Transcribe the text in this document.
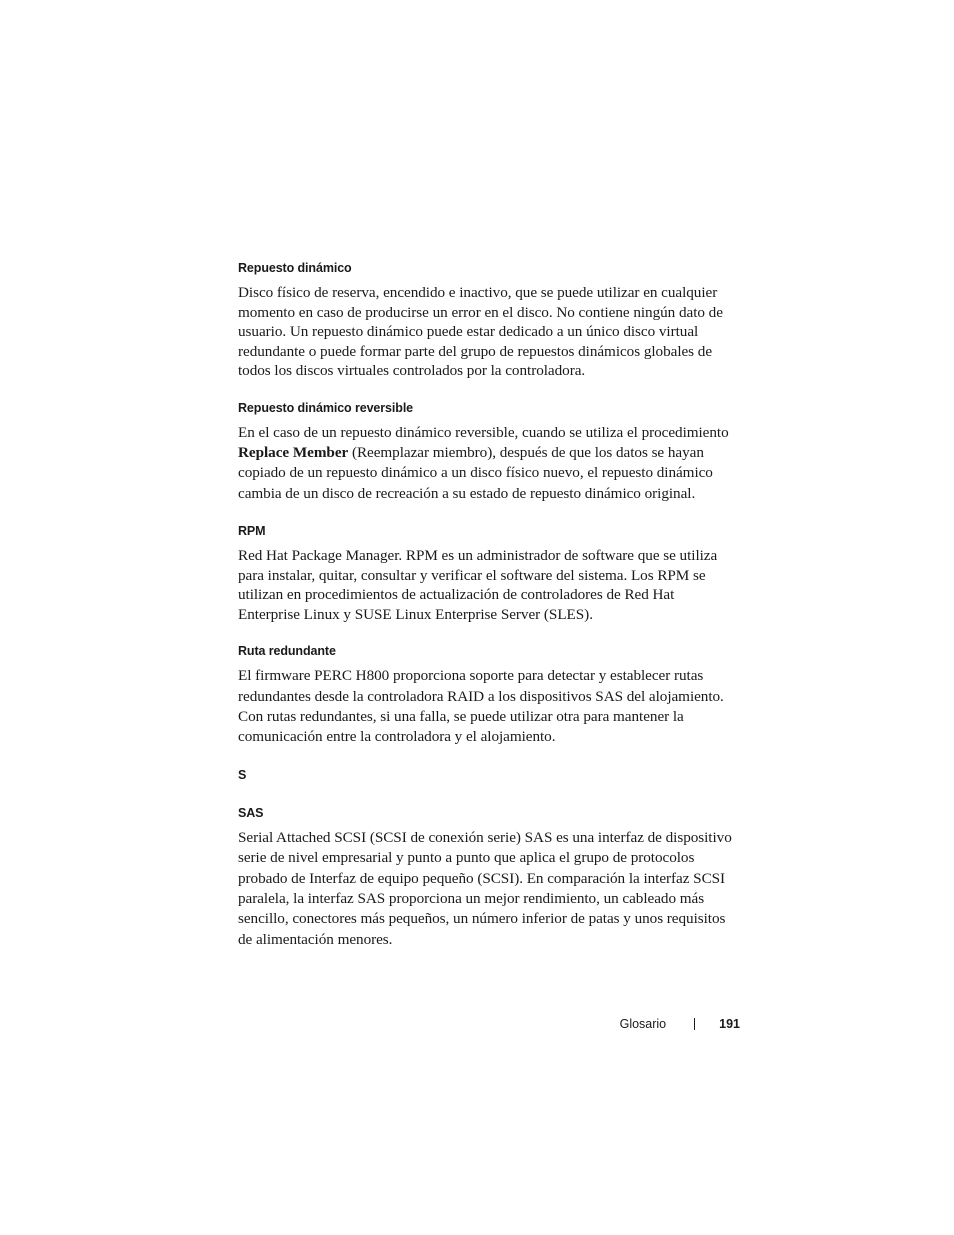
Repuesto dinámico

Disco físico de reserva, encendido e inactivo, que se puede utilizar en cualquier momento en caso de producirse un error en el disco. No contiene ningún dato de usuario. Un repuesto dinámico puede estar dedicado a un único disco virtual redundante o puede formar parte del grupo de repuestos dinámicos globales de todos los discos virtuales controlados por la controladora.

Repuesto dinámico reversible

En el caso de un repuesto dinámico reversible, cuando se utiliza el procedimiento Replace Member (Reemplazar miembro), después de que los datos se hayan copiado de un repuesto dinámico a un disco físico nuevo, el repuesto dinámico cambia de un disco de recreación a su estado de repuesto dinámico original.

RPM

Red Hat Package Manager. RPM es un administrador de software que se utiliza para instalar, quitar, consultar y verificar el software del sistema. Los RPM se utilizan en procedimientos de actualización de controladores de Red Hat Enterprise Linux y SUSE Linux Enterprise Server (SLES).

Ruta redundante

El firmware PERC H800 proporciona soporte para detectar y establecer rutas redundantes desde la controladora RAID a los dispositivos SAS del alojamiento. Con rutas redundantes, si una falla, se puede utilizar otra para mantener la comunicación entre la controladora y el alojamiento.

S

SAS

Serial Attached SCSI (SCSI de conexión serie) SAS es una interfaz de dispositivo serie de nivel empresarial y punto a punto que aplica el grupo de protocolos probado de Interfaz de equipo pequeño (SCSI). En comparación la interfaz SCSI paralela, la interfaz SAS proporciona un mejor rendimiento, un cableado más sencillo, conectores más pequeños, un número inferior de patas y unos requisitos de alimentación menores.

Glosario	191
